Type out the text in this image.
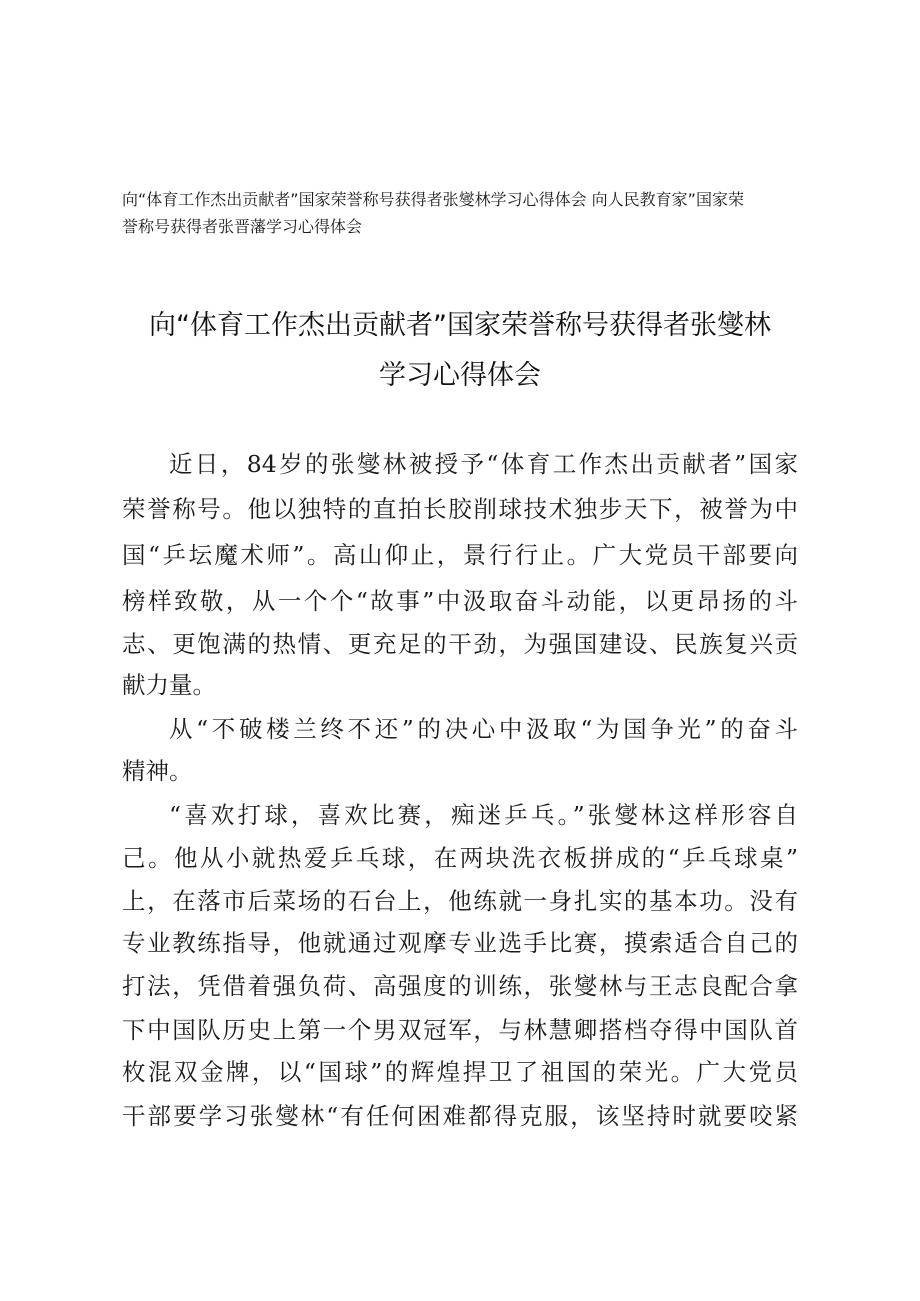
向“体育工作杰出贡献者”国家荣誉称号获得者张燮林学习心得体会 向人民教育家”国家荣
誉称号获得者张晋藩学习心得体会
向“体育工作杰出贡献者”国家荣誉称号获得者张燮林
学习心得体会
近日，84岁的张燮林被授予“体育工作杰出贡献者”国家
荣誉称号。他以独特的直拍长胶削球技术独步天下，被誉为中
国“乒坛魔术师”。高山仰止，景行行止。广大党员干部要向
榜样致敬，从一个个“故事”中汲取奋斗动能，以更昂扬的斗
志、更饱满的热情、更充足的干劲，为强国建设、民族复兴贡
献力量。
从“不破楼兰终不还”的决心中汲取“为国争光”的奋斗
精神。
“喜欢打球，喜欢比赛，痴迷乒乓。”张燮林这样形容自
己。他从小就热爱乒乓球，在两块洗衣板拼成的“乒乓球桌”
上，在落市后菜场的石台上，他练就一身扎实的基本功。没有
专业教练指导，他就通过观摩专业选手比赛，摸索适合自己的
打法，凭借着强负荷、高强度的训练，张燮林与王志良配合拿
下中国队历史上第一个男双冠军，与林慧卿搭档夺得中国队首
枚混双金牌，以“国球”的辉煌捍卫了祖国的荣光。广大党员
干部要学习张燮林“有任何困难都得克服，该坚持时就要咬紧
